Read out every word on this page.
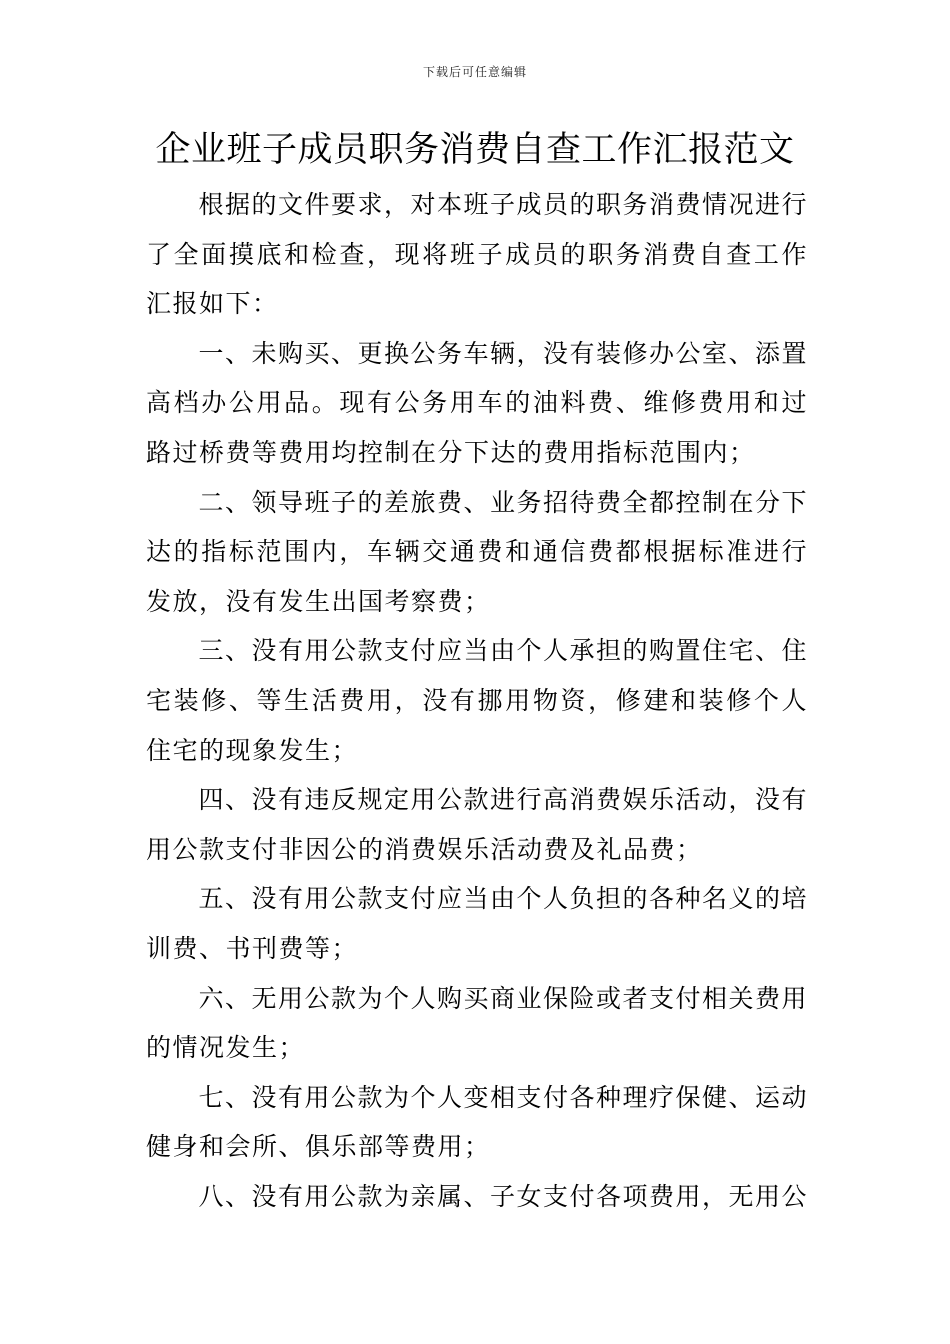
下载后可任意编辑
企业班子成员职务消费自查工作汇报范文

根据的文件要求，对本班子成员的职务消费情况进行了全面摸底和检查，现将班子成员的职务消费自查工作汇报如下：

一、未购买、更换公务车辆，没有装修办公室、添置高档办公用品。现有公务用车的油料费、维修费用和过路过桥费等费用均控制在分下达的费用指标范围内；

二、领导班子的差旅费、业务招待费全都控制在分下达的指标范围内，车辆交通费和通信费都根据标准进行发放，没有发生出国考察费；

三、没有用公款支付应当由个人承担的购置住宅、住宅装修、等生活费用，没有挪用物资，修建和装修个人住宅的现象发生；

四、没有违反规定用公款进行高消费娱乐活动，没有用公款支付非因公的消费娱乐活动费及礼品费；

五、没有用公款支付应当由个人负担的各种名义的培训费、书刊费等；

六、无用公款为个人购买商业保险或者支付相关费用的情况发生；

七、没有用公款为个人变相支付各种理疗保健、运动健身和会所、俱乐部等费用；

八、没有用公款为亲属、子女支付各项费用，无用公
